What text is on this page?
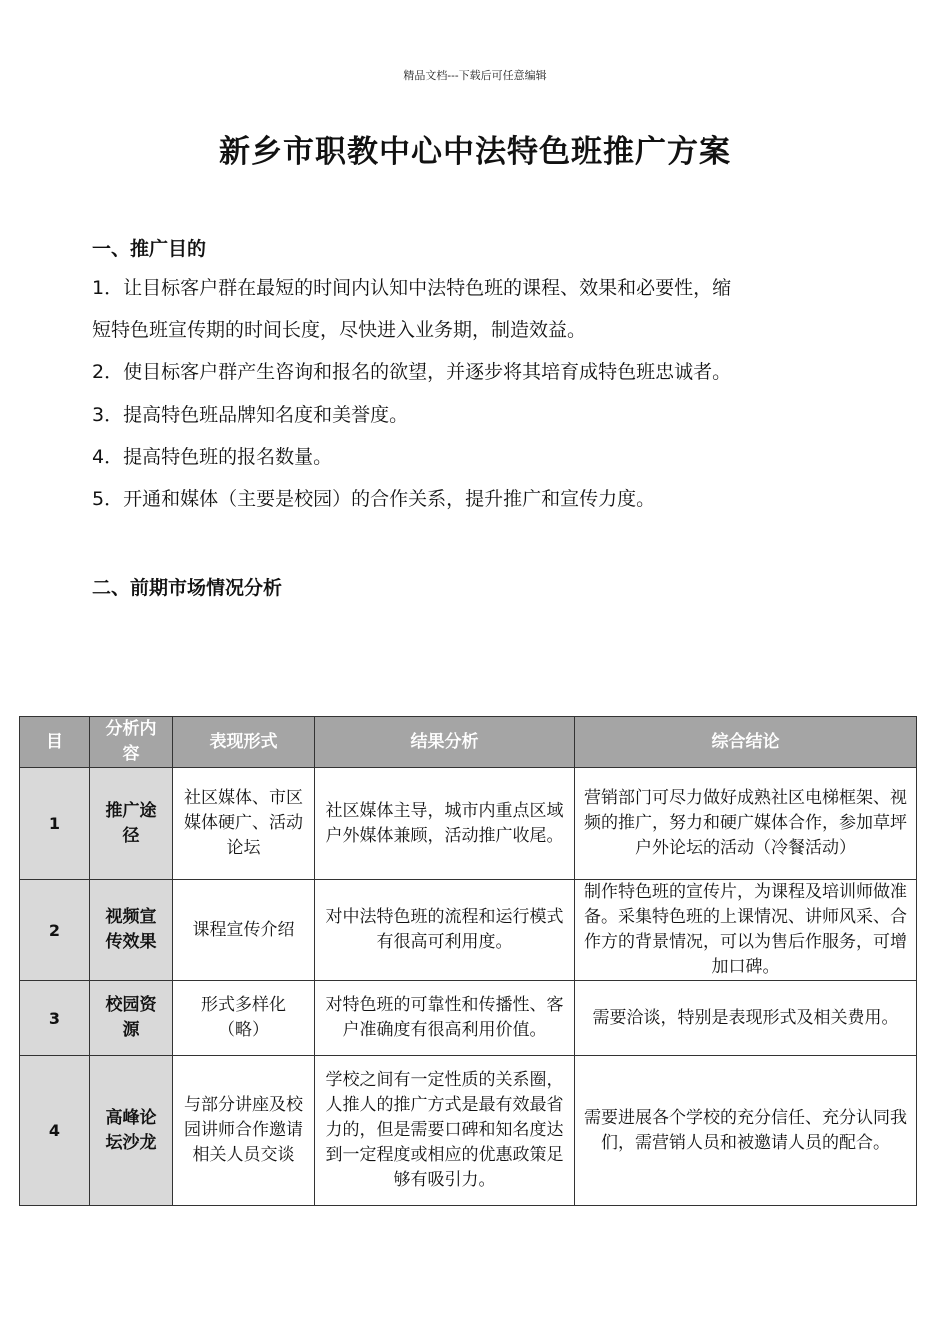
精品文档---下载后可任意编辑
新乡市职教中心中法特色班推广方案
一、推广目的

1．让目标客户群在最短的时间内认知中法特色班的课程、效果和必要性，缩

短特色班宣传期的时间长度，尽快进入业务期，制造效益。

2．使目标客户群产生咨询和报名的欲望，并逐步将其培育成特色班忠诚者。

3．提高特色班品牌知名度和美誉度。

4．提高特色班的报名数量。

5．开通和媒体（主要是校园）的合作关系，提升推广和宣传力度。

二、前期市场情况分析
目	分析内容	表现形式	结果分析	综合结论
1	推广途径	社区媒体、市区媒体硬广、活动论坛	社区媒体主导，城市内重点区域户外媒体兼顾，活动推广收尾。	营销部门可尽力做好成熟社区电梯框架、视频的推广，努力和硬广媒体合作，参加草坪户外论坛的活动（冷餐活动）
2	视频宣传效果	课程宣传介绍	对中法特色班的流程和运行模式有很高可利用度。	制作特色班的宣传片，为课程及培训师做准备。采集特色班的上课情况、讲师风采、合作方的背景情况，可以为售后作服务，可增加口碑。
3	校园资源	形式多样化（略）	对特色班的可靠性和传播性、客户准确度有很高利用价值。	需要洽谈，特别是表现形式及相关费用。
4	高峰论坛沙龙	与部分讲座及校园讲师合作邀请相关人员交谈	学校之间有一定性质的关系圈，人推人的推广方式是最有效最省力的，但是需要口碑和知名度达到一定程度或相应的优惠政策足够有吸引力。	需要进展各个学校的充分信任、充分认同我们，需营销人员和被邀请人员的配合。
